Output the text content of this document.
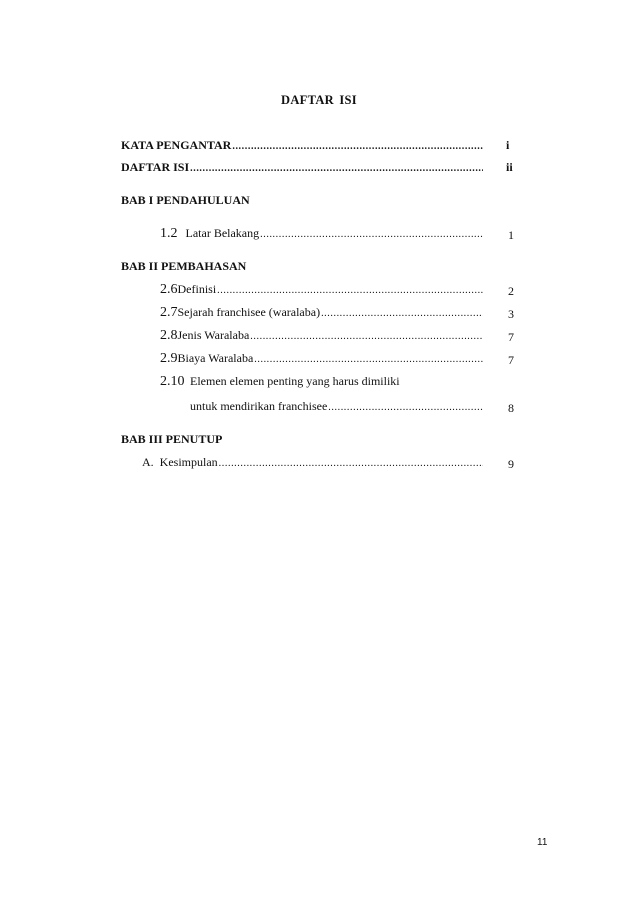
DAFTAR ISI
KATA PENGANTAR .....	i
DAFTAR ISI .....	ii
BAB I PENDAHULUAN
1.2 Latar Belakang .....	1
BAB II PEMBAHASAN
2.6 Definisi .....	2
2.7 Sejarah franchisee (waralaba) .....	3
2.8 Jenis Waralaba .....	7
2.9 Biaya Waralaba .....	7
2.10 Elemen elemen penting yang harus dimiliki
untuk mendirikan franchisee .....	8
BAB III PENUTUP
A. Kesimpulan .....	9
11
